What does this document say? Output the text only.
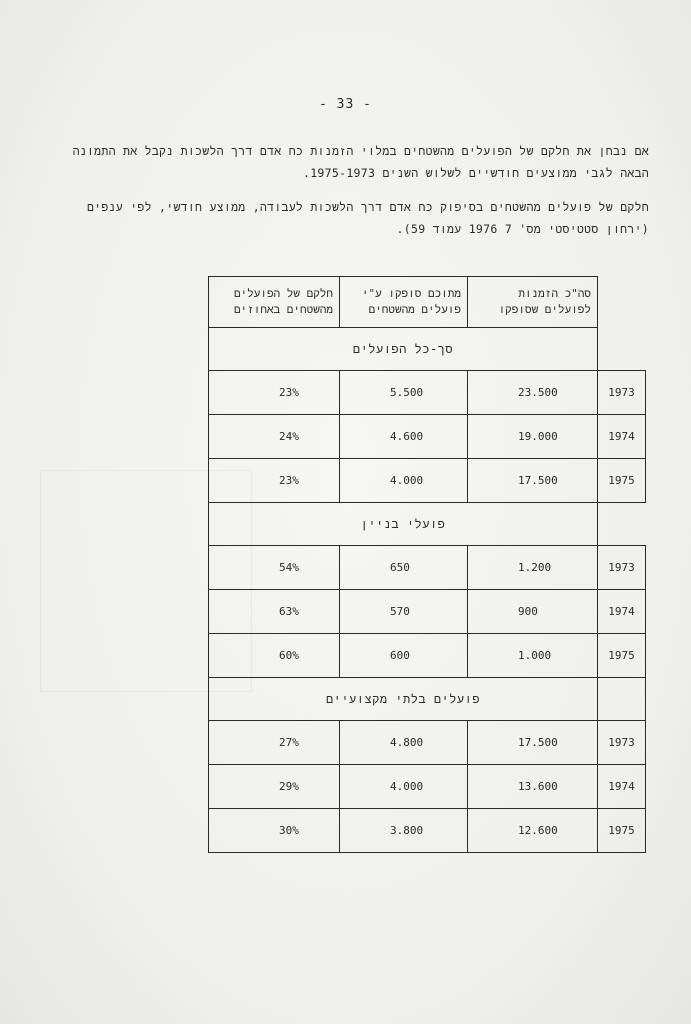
- 33 -
אם נבחן את חלקם של הפועלים מהשטחים במלוי הזמנות כח אדם דרך הלשכות נקבל את התמונה הבאה לגבי ממוצעים חודשיים לשלוש השנים 1975-1973.
חלקם של פועלים מהשטחים בסיפוק כח אדם דרך הלשכות לעבודה, ממוצע חודשי, לפי ענפים (ירחון סטטיסטי מס' 7 1976 עמוד 59).
	סה"כ הזמנות לפועלים שסופקו	מתוכם סופקו ע"י פועלים מהשטחים	חלקם של הפועלים מהשטחים באחוזים
	סך-כל הפועלים		
1973	23.500	5.500	23%
1974	19.000	4.600	24%
1975	17.500	4.000	23%
	פועלי בניין		
1973	1.200	650	54%
1974	900	570	63%
1975	1.000	600	60%
	פועלים בלתי מקצועיים		
1973	17.500	4.800	27%
1974	13.600	4.000	29%
1975	12.600	3.800	30%
